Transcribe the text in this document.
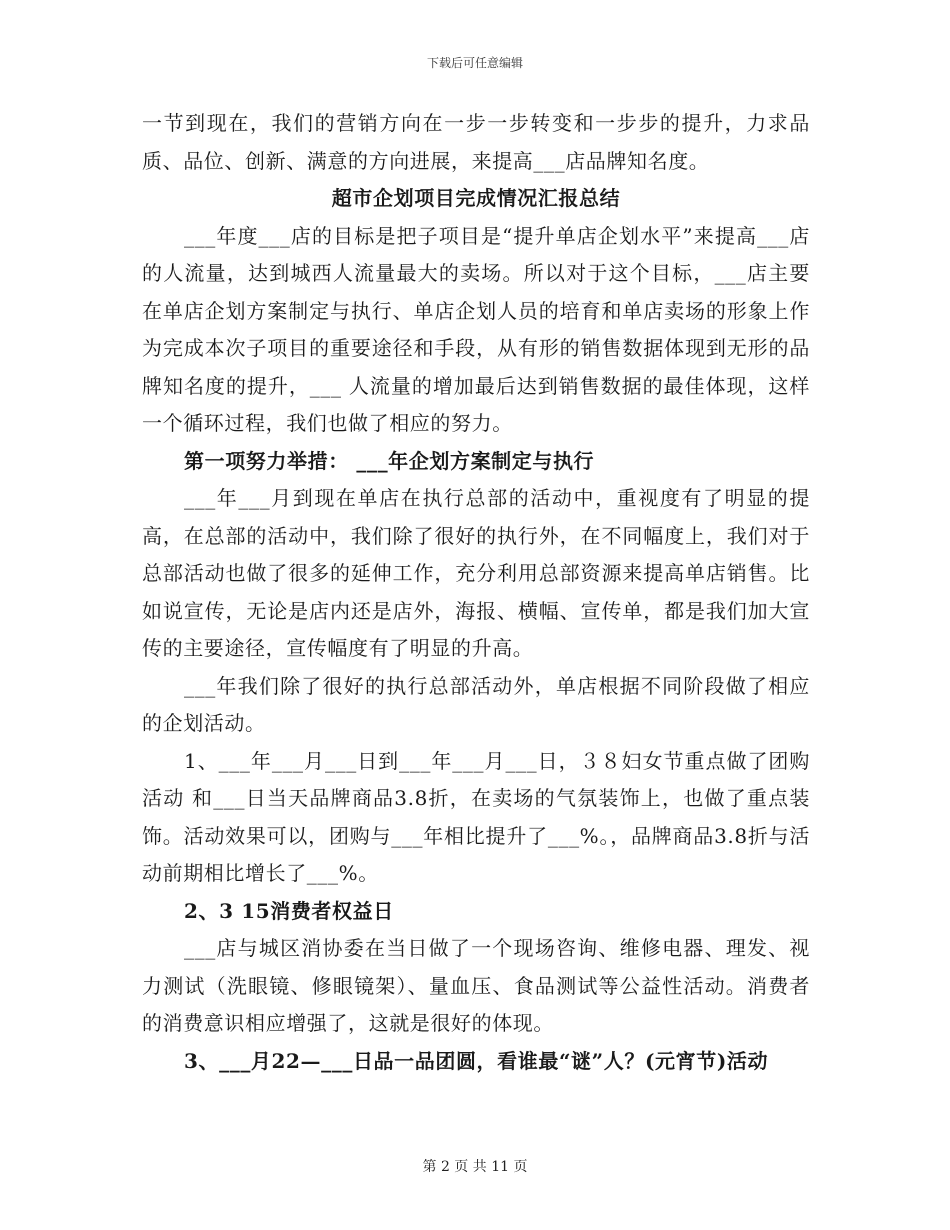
下载后可任意编辑

一节到现在，我们的营销方向在一步一步转变和一步步的提升，力求品质、品位、创新、满意的方向进展，来提高___店品牌知名度。

超市企划项目完成情况汇报总结

___年度___店的目标是把子项目是“提升单店企划水平”来提高___店的人流量，达到城西人流量最大的卖场。所以对于这个目标，___店主要在单店企划方案制定与执行、单店企划人员的培育和单店卖场的形象上作为完成本次子项目的重要途径和手段，从有形的销售数据体现到无形的品牌知名度的提升，___ 人流量的增加最后达到销售数据的最佳体现，这样一个循环过程，我们也做了相应的努力。

第一项努力举措： ___年企划方案制定与执行

___年___月到现在单店在执行总部的活动中，重视度有了明显的提高，在总部的活动中，我们除了很好的执行外，在不同幅度上，我们对于总部活动也做了很多的延伸工作，充分利用总部资源来提高单店销售。比如说宣传，无论是店内还是店外，海报、横幅、宣传单，都是我们加大宣传的主要途径，宣传幅度有了明显的升高。

___年我们除了很好的执行总部活动外，单店根据不同阶段做了相应的企划活动。

1、___年___月___日到___年___月___日，３８妇女节重点做了团购活动 和___日当天品牌商品3.8折，在卖场的气氛装饰上，也做了重点装饰。活动效果可以，团购与___年相比提升了___%。，品牌商品3.8折与活动前期相比增长了___%。

2、3 15消费者权益日

___店与城区消协委在当日做了一个现场咨询、维修电器、理发、视力测试（洗眼镜、修眼镜架）、量血压、食品测试等公益性活动。消费者的消费意识相应增强了，这就是很好的体现。

3、___月22—___日品一品团圆，看谁最“谜”人？(元宵节)活动

第 2 页 共 11 页
